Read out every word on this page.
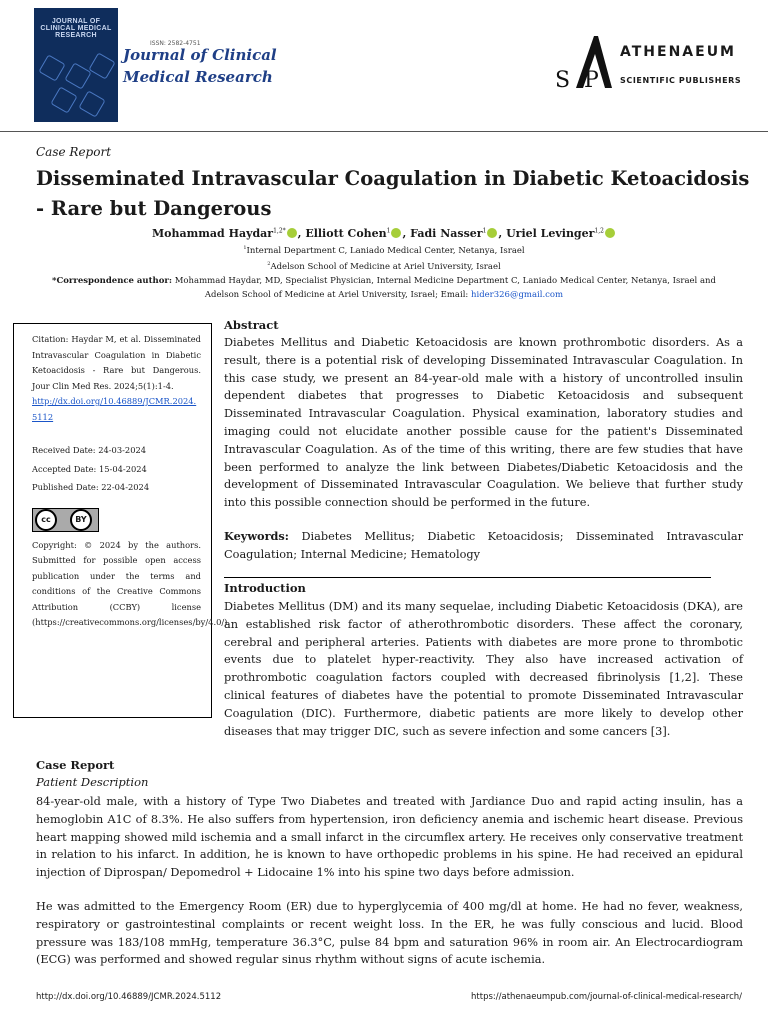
JOURNAL OF CLINICAL MEDICAL RESEARCH
ISSN: 2582-4751
Journal of Clinical
Medical Research	S P
ATHENAEUM
SCIENTIFIC PUBLISHERS
Case Report
Disseminated Intravascular Coagulation in Diabetic Ketoacidosis - Rare but Dangerous
Mohammad Haydar$^{1,2*}$ , Elliott Cohen$^1$ , Fadi Nasser$^1$ , Uriel Levinger$^{1,2}$
$^1$Internal Department C, Laniado Medical Center, Netanya, Israel
$^2$Adelson School of Medicine at Ariel University, Israel
*Correspondence author: Mohammad Haydar, MD, Specialist Physician, Internal Medicine Department C, Laniado Medical Center, Netanya, Israel and
Adelson School of Medicine at Ariel University, Israel; Email: hider326@gmail.com
Citation: Haydar M, et al. Disseminated Intravascular Coagulation in Diabetic Ketoacidosis - Rare but Dangerous. Jour Clin Med Res. 2024;5(1):1-4.
http://dx.doi.org/10.46889/JCMR.2024.
5112
Received Date: 24-03-2024
Accepted Date: 15-04-2024
Published Date: 22-04-2024
cc	BY
Copyright: © 2024 by the authors. Submitted for possible open access publication under the terms and conditions of the Creative Commons Attribution (CCBY) license (https://creativecommons.org/licenses/by/4.0/).
Abstract

Diabetes Mellitus and Diabetic Ketoacidosis are known prothrombotic disorders. As a result, there is a potential risk of developing Disseminated Intravascular Coagulation. In this case study, we present an 84-year-old male with a history of uncontrolled insulin dependent diabetes that progresses to Diabetic Ketoacidosis and subsequent Disseminated Intravascular Coagulation. Physical examination, laboratory studies and imaging could not elucidate another possible cause for the patient's Disseminated Intravascular Coagulation. As of the time of this writing, there are few studies that have been performed to analyze the link between Diabetes/Diabetic Ketoacidosis and the development of Disseminated Intravascular Coagulation. We believe that further study into this possible connection should be performed in the future.

Keywords: Diabetes Mellitus; Diabetic Ketoacidosis; Disseminated Intravascular Coagulation; Internal Medicine; Hematology

Introduction

Diabetes Mellitus (DM) and its many sequelae, including Diabetic Ketoacidosis (DKA), are an established risk factor of atherothrombotic disorders. These affect the coronary, cerebral and peripheral arteries. Patients with diabetes are more prone to thrombotic events due to platelet hyper-reactivity. They also have increased activation of prothrombotic coagulation factors coupled with decreased fibrinolysis [1,2]. These clinical features of diabetes have the potential to promote Disseminated Intravascular Coagulation (DIC). Furthermore, diabetic patients are more likely to develop other diseases that may trigger DIC, such as severe infection and some cancers [3].

Case Report
Patient Description

84-year-old male, with a history of Type Two Diabetes and treated with Jardiance Duo and rapid acting insulin, has a hemoglobin A1C of 8.3%. He also suffers from hypertension, iron deficiency anemia and ischemic heart disease. Previous heart mapping showed mild ischemia and a small infarct in the circumflex artery. He receives only conservative treatment in relation to his infarct. In addition, he is known to have orthopedic problems in his spine. He had received an epidural injection of Diprospan/ Depomedrol + Lidocaine 1% into his spine two days before admission.

He was admitted to the Emergency Room (ER) due to hyperglycemia of 400 mg/dl at home. He had no fever, weakness, respiratory or gastrointestinal complaints or recent weight loss. In the ER, he was fully conscious and lucid. Blood pressure was 183/108 mmHg, temperature 36.3°C, pulse 84 bpm and saturation 96% in room air. An Electrocardiogram (ECG) was performed and showed regular sinus rhythm without signs of acute ischemia.

http://dx.doi.org/10.46889/JCMR.2024.5112	https://athenaeumpub.com/journal-of-clinical-medical-research/
